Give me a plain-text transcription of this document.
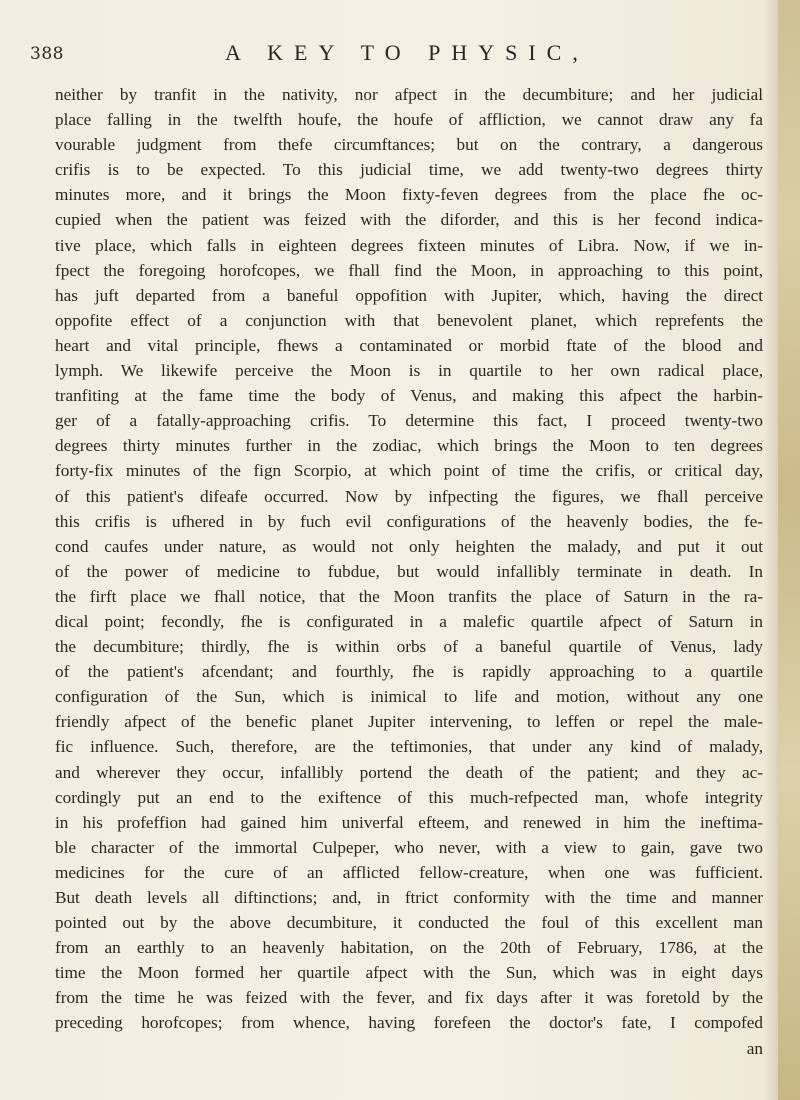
388	A KEY TO PHYSIC,
neither by tranfit in the nativity, nor afpect in the decumbiture; and her judicial
place falling in the twelfth houfe, the houfe of affliction, we cannot draw any fa
vourable judgment from thefe circumftances; but on the contrary, a dangerous
crifis is to be expected. To this judicial time, we add twenty-two degrees thirty
minutes more, and it brings the Moon fixty-feven degrees from the place fhe oc-
cupied when the patient was feized with the diforder, and this is her fecond indica-
tive place, which falls in eighteen degrees fixteen minutes of Libra. Now, if we in-
fpect the foregoing horofcopes, we fhall find the Moon, in approaching to this point,
has juft departed from a baneful oppofition with Jupiter, which, having the direct
oppofite effect of a conjunction with that benevolent planet, which reprefents the
heart and vital principle, fhews a contaminated or morbid ftate of the blood and
lymph. We likewife perceive the Moon is in quartile to her own radical place,
tranfiting at the fame time the body of Venus, and making this afpect the harbin-
ger of a fatally-approaching crifis. To determine this fact, I proceed twenty-two
degrees thirty minutes further in the zodiac, which brings the Moon to ten degrees
forty-fix minutes of the fign Scorpio, at which point of time the crifis, or critical day,
of this patient's difeafe occurred. Now by infpecting the figures, we fhall perceive
this crifis is ufhered in by fuch evil configurations of the heavenly bodies, the fe-
cond caufes under nature, as would not only heighten the malady, and put it out
of the power of medicine to fubdue, but would infallibly terminate in death. In
the firft place we fhall notice, that the Moon tranfits the place of Saturn in the ra-
dical point; fecondly, fhe is configurated in a malefic quartile afpect of Saturn in
the decumbiture; thirdly, fhe is within orbs of a baneful quartile of Venus, lady
of the patient's afcendant; and fourthly, fhe is rapidly approaching to a quartile
configuration of the Sun, which is inimical to life and motion, without any one
friendly afpect of the benefic planet Jupiter intervening, to leffen or repel the male-
fic influence. Such, therefore, are the teftimonies, that under any kind of malady,
and wherever they occur, infallibly portend the death of the patient; and they ac-
cordingly put an end to the exiftence of this much-refpected man, whofe integrity
in his profeffion had gained him univerfal efteem, and renewed in him the ineftima-
ble character of the immortal Culpeper, who never, with a view to gain, gave two
medicines for the cure of an afflicted fellow-creature, when one was fufficient.
But death levels all diftinctions; and, in ftrict conformity with the time and manner
pointed out by the above decumbiture, it conducted the foul of this excellent man
from an earthly to an heavenly habitation, on the 20th of February, 1786, at the
time the Moon formed her quartile afpect with the Sun, which was in eight days
from the time he was feized with the fever, and fix days after it was foretold by the
preceding horofcopes; from whence, having forefeen the doctor's fate, I compofed
an
